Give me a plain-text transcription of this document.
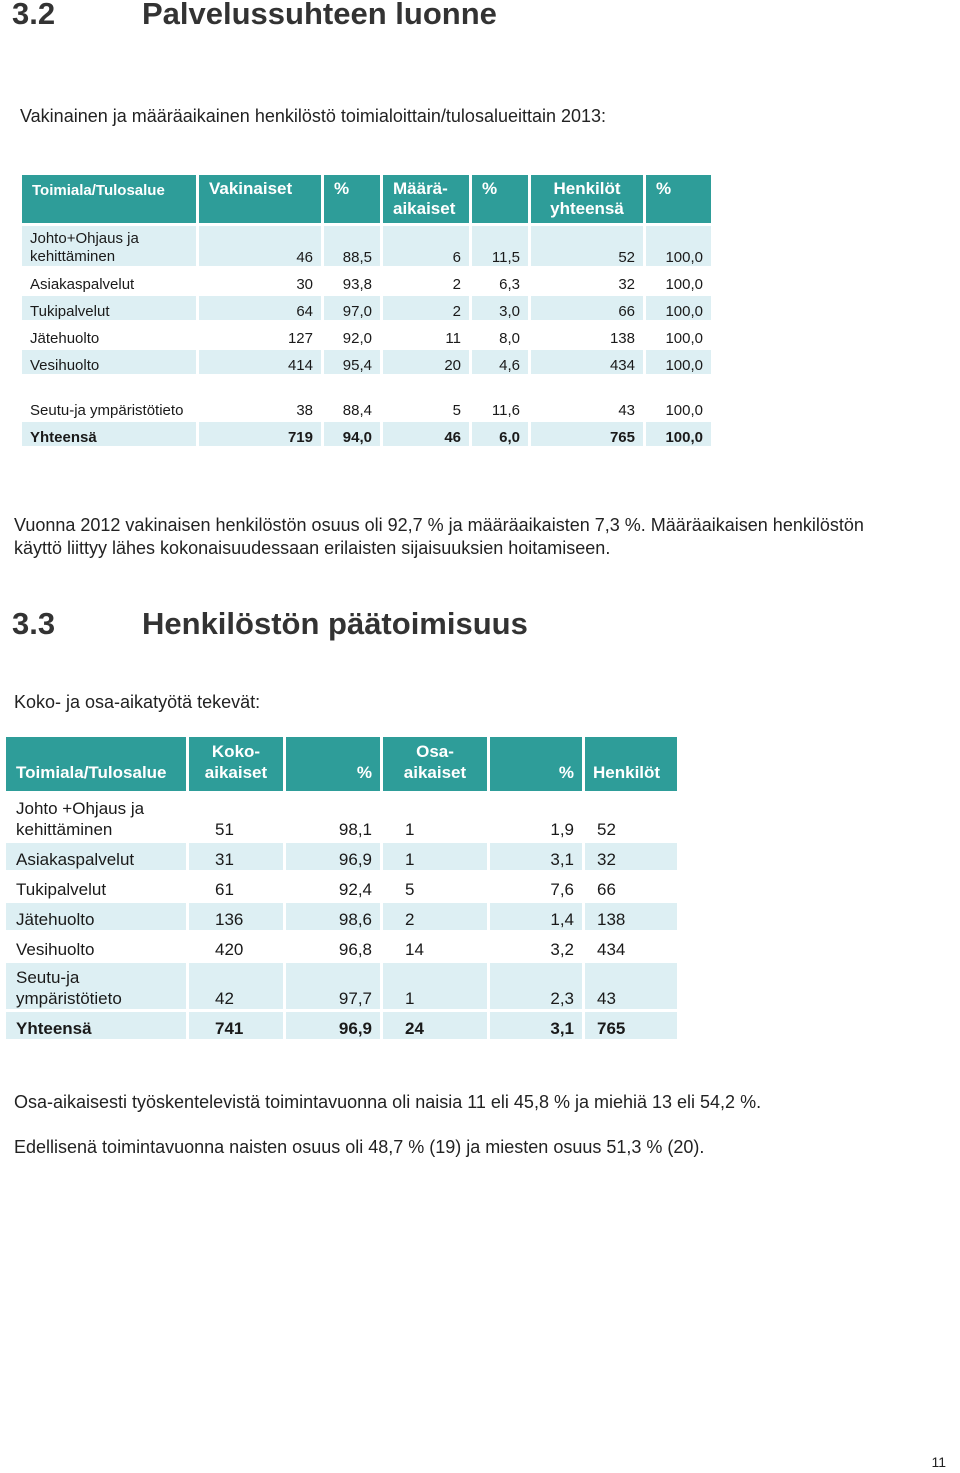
3.2	Palvelussuhteen luonne
Vakinainen ja määräaikainen henkilöstö toimialoittain/tulosalueittain 2013:
Toimiala/Tulosalue	Vakinaiset	%	Määrä- aikaiset	%	Henkilöt yhteensä	%
Johto+Ohjaus ja kehittäminen	46	88,5	6	11,5	52	100,0
Asiakaspalvelut	30	93,8	2	6,3	32	100,0
Tukipalvelut	64	97,0	2	3,0	66	100,0
Jätehuolto	127	92,0	11	8,0	138	100,0
Vesihuolto	414	95,4	20	4,6	434	100,0
Seutu-ja ympäristötieto	38	88,4	5	11,6	43	100,0
Yhteensä	719	94,0	46	6,0	765	100,0
Vuonna 2012 vakinaisen henkilöstön osuus oli 92,7 % ja määräaikaisten 7,3 %. Määräaikaisen henkilöstön käyttö liittyy lähes kokonaisuudessaan erilaisten sijaisuuksien hoitamiseen.
3.3	Henkilöstön päätoimisuus
Koko- ja osa-aikatyötä tekevät:
Toimiala/Tulosalue	Koko- aikaiset	%	Osa- aikaiset	%	Henkilöt
Johto +Ohjaus ja kehittäminen	51	98,1	1	1,9	52
Asiakaspalvelut	31	96,9	1	3,1	32
Tukipalvelut	61	92,4	5	7,6	66
Jätehuolto	136	98,6	2	1,4	138
Vesihuolto	420	96,8	14	3,2	434
Seutu-ja ympäristötieto	42	97,7	1	2,3	43
Yhteensä	741	96,9	24	3,1	765
Osa-aikaisesti työskentelevistä toimintavuonna oli naisia 11 eli 45,8 % ja miehiä 13 eli 54,2 %.
Edellisenä toimintavuonna naisten osuus oli 48,7 % (19) ja miesten osuus 51,3 % (20).
11
